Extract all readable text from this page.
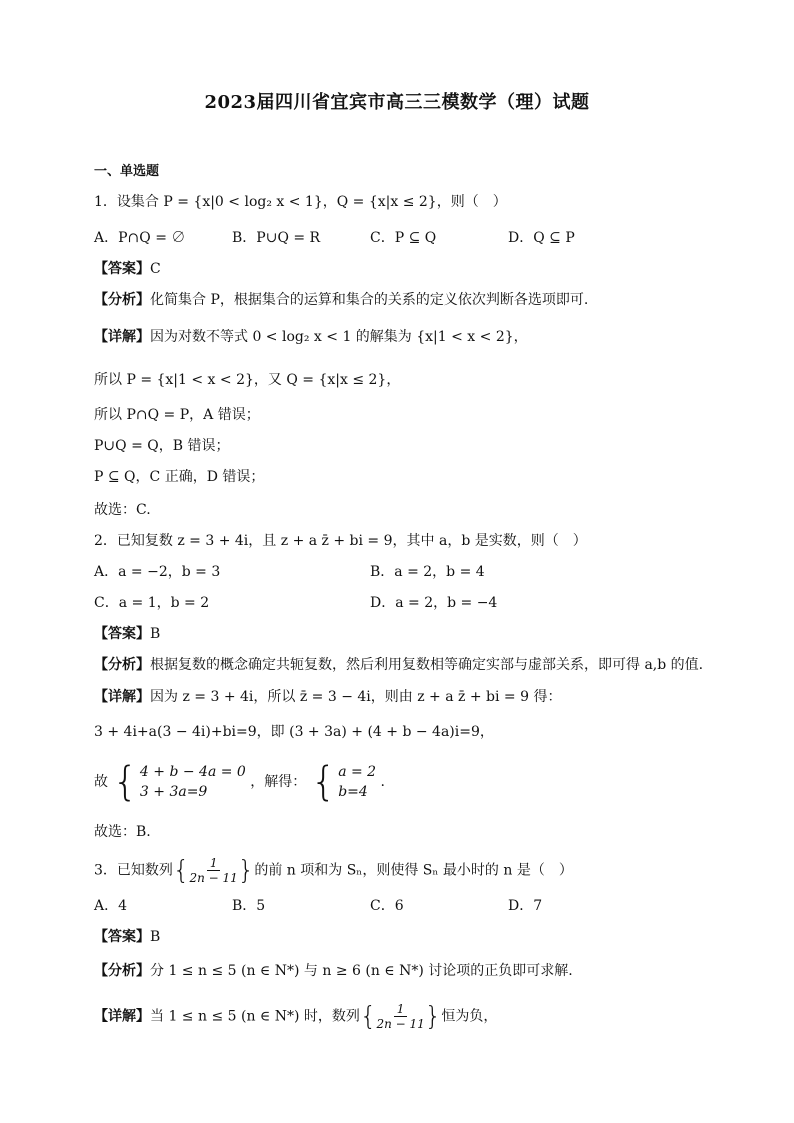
2023届四川省宜宾市高三三模数学（理）试题
一、单选题
1．设集合 P = {x|0 < log₂ x < 1}，Q = {x|x ≤ 2}，则（　）
A．P∩Q = ∅	B．P∪Q = R	C．P ⊆ Q	D．Q ⊆ P
【答案】C
【分析】化简集合 P，根据集合的运算和集合的关系的定义依次判断各选项即可.
【详解】因为对数不等式 0 < log₂ x < 1 的解集为 {x|1 < x < 2}，
所以 P = {x|1 < x < 2}，又 Q = {x|x ≤ 2}，
所以 P∩Q = P，A 错误；
P∪Q = Q，B 错误；
P ⊆ Q，C 正确，D 错误；
故选：C.
2．已知复数 z = 3 + 4i，且 z + a z̄ + bi = 9，其中 a，b 是实数，则（　）
A．a = −2，b = 3	B．a = 2，b = 4
C．a = 1，b = 2	D．a = 2，b = −4
【答案】B
【分析】根据复数的概念确定共轭复数，然后利用复数相等确定实部与虚部关系，即可得 a,b 的值.
【详解】因为 z = 3 + 4i，所以 z̄ = 3 − 4i，则由 z + a z̄ + bi = 9 得：
3 + 4i+a(3 − 4i)+bi=9，即 (3 + 3a) + (4 + b − 4a)i=9，
故 { 4 + b − 4a = 0
3 + 3a=9
，解得： { a = 2
b=4
.
故选：B.
3．已知数列{ $\frac{1}{2n - 11}$ }的前 n 项和为 Sₙ，则使得 Sₙ 最小时的 n 是（　）
A．4	B．5	C．6	D．7
【答案】B
【分析】分 1 ≤ n ≤ 5 (n ∈ N*) 与 n ≥ 6 (n ∈ N*) 讨论项的正负即可求解.
【详解】当 1 ≤ n ≤ 5 (n ∈ N*) 时，数列{ $\frac{1}{2n - 11}$ }恒为负，
